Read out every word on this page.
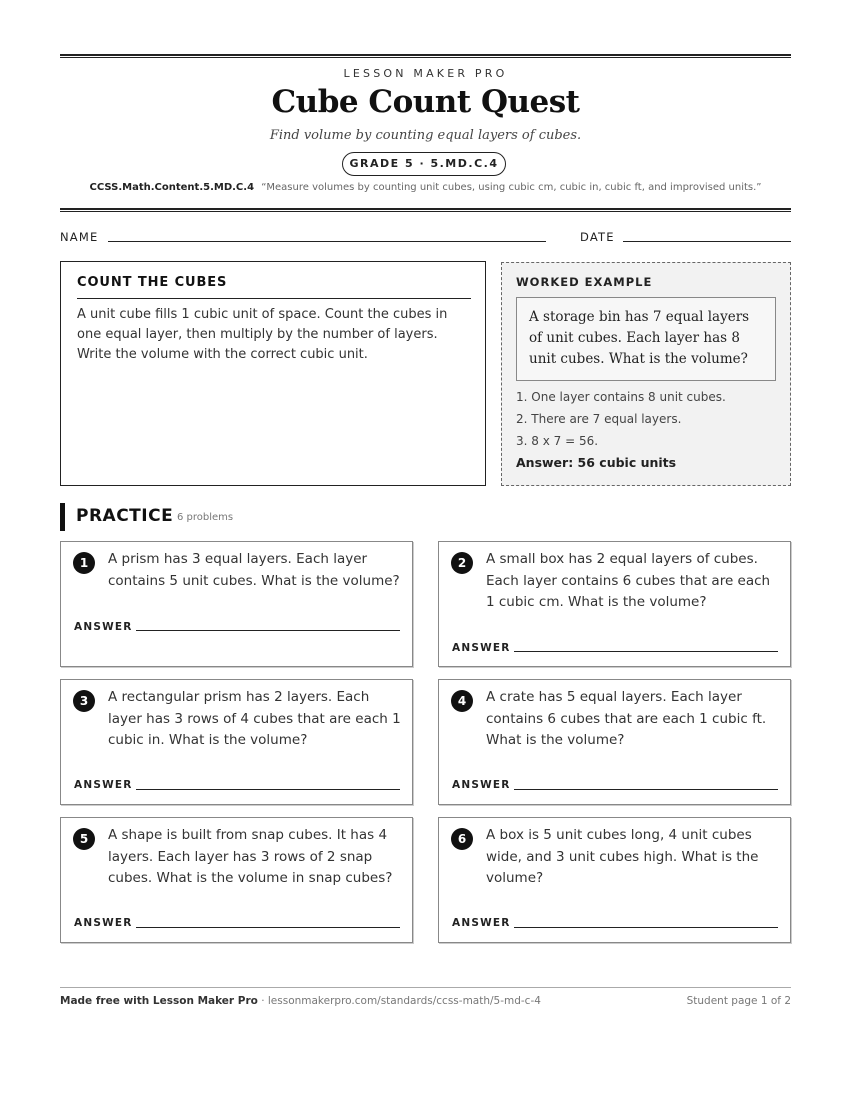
LESSON MAKER PRO
Cube Count Quest
Find volume by counting equal layers of cubes.
GRADE 5 · 5.MD.C.4
CCSS.Math.Content.5.MD.C.4 “Measure volumes by counting unit cubes, using cubic cm, cubic in, cubic ft, and improvised units.”
NAME	DATE
COUNT THE CUBES
A unit cube fills 1 cubic unit of space. Count the cubes in one equal layer, then multiply by the number of layers. Write the volume with the correct cubic unit.
WORKED EXAMPLE
A storage bin has 7 equal layers of unit cubes. Each layer has 8 unit cubes. What is the volume?
1. One layer contains 8 unit cubes.
2. There are 7 equal layers.
3. 8 x 7 = 56.
Answer: 56 cubic units
PRACTICE 6 problems
1	A prism has 3 equal layers. Each layer contains 5 unit cubes. What is the volume?
ANSWER
2	A small box has 2 equal layers of cubes. Each layer contains 6 cubes that are each 1 cubic cm. What is the volume?
ANSWER
3	A rectangular prism has 2 layers. Each layer has 3 rows of 4 cubes that are each 1 cubic in. What is the volume?
ANSWER
4	A crate has 5 equal layers. Each layer contains 6 cubes that are each 1 cubic ft. What is the volume?
ANSWER
5	A shape is built from snap cubes. It has 4 layers. Each layer has 3 rows of 2 snap cubes. What is the volume in snap cubes?
ANSWER
6	A box is 5 unit cubes long, 4 unit cubes wide, and 3 unit cubes high. What is the volume?
ANSWER
Made free with Lesson Maker Pro · lessonmakerpro.com/standards/ccss-math/5-md-c-4	Student page 1 of 2
